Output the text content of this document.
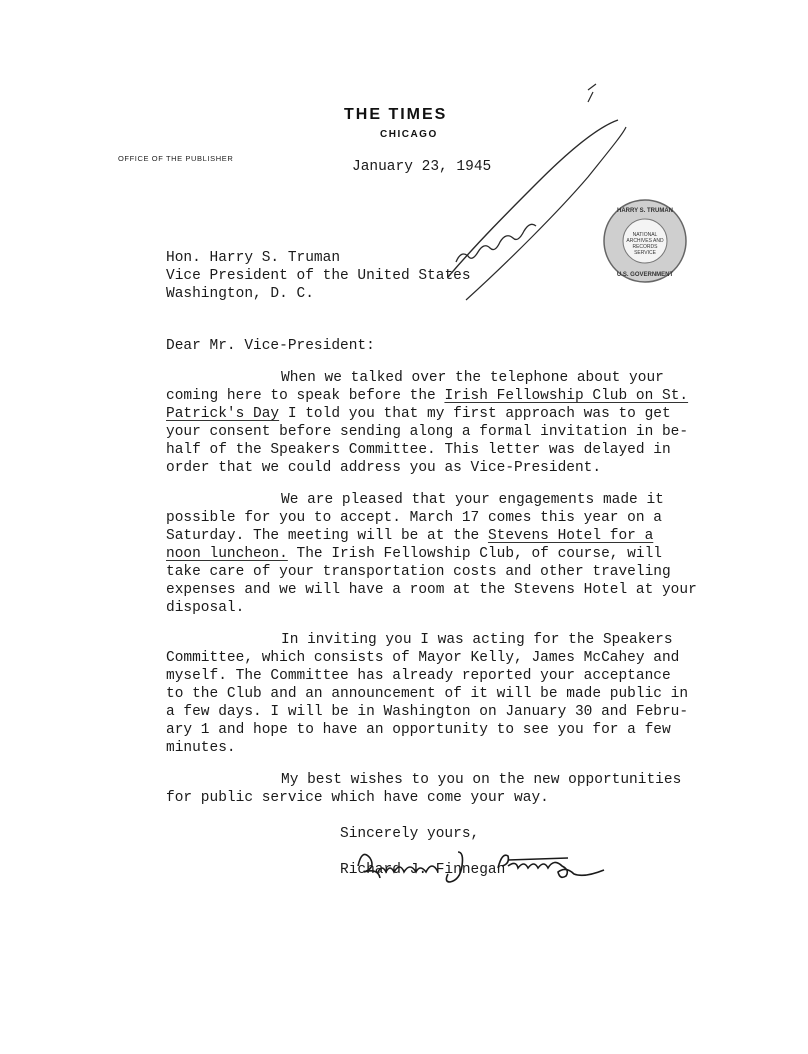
THE TIMES
CHICAGO
OFFICE OF THE PUBLISHER
January 23, 1945
NATIONAL
ARCHIVES AND
RECORDS
SERVICE
HARRY S. TRUMAN
U.S. GOVERNMENT
Hon. Harry S. Truman
Vice President of the United States
Washington, D. C.
Dear Mr. Vice-President:
When we talked over the telephone about your
coming here to speak before the Irish Fellowship Club on St.
Patrick's Day I told you that my first approach was to get
your consent before sending along a formal invitation in be-
half of the Speakers Committee. This letter was delayed in
order that we could address you as Vice-President.
We are pleased that your engagements made it
possible for you to accept. March 17 comes this year on a
Saturday. The meeting will be at the Stevens Hotel for a
noon luncheon. The Irish Fellowship Club, of course, will
take care of your transportation costs and other traveling
expenses and we will have a room at the Stevens Hotel at your
disposal.
In inviting you I was acting for the Speakers
Committee, which consists of Mayor Kelly, James McCahey and
myself. The Committee has already reported your acceptance
to the Club and an announcement of it will be made public in
a few days. I will be in Washington on January 30 and Febru-
ary 1 and hope to have an opportunity to see you for a few
minutes.
My best wishes to you on the new opportunities
for public service which have come your way.
Sincerely yours,
Richard J. Finnegan
